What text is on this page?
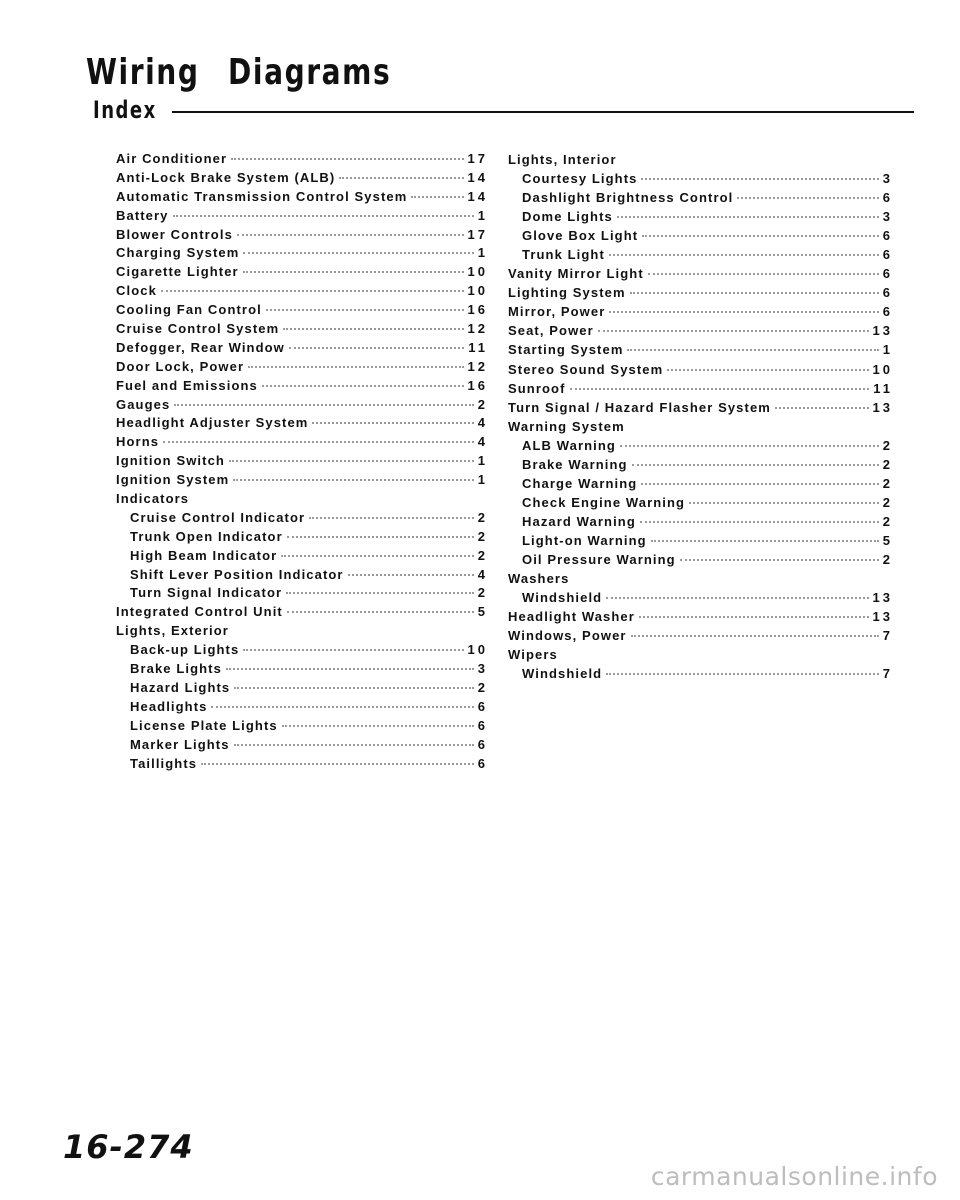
Wiring Diagrams
Index
Air Conditioner	17
Anti-Lock Brake System (ALB)	14
Automatic Transmission Control System	14
Battery	1
Blower Controls	17
Charging System	1
Cigarette Lighter	10
Clock	10
Cooling Fan Control	16
Cruise Control System	12
Defogger, Rear Window	11
Door Lock, Power	12
Fuel and Emissions	16
Gauges	2
Headlight Adjuster System	4
Horns	4
Ignition Switch	1
Ignition System	1
Indicators
Cruise Control Indicator	2
Trunk Open Indicator	2
High Beam Indicator	2
Shift Lever Position Indicator	4
Turn Signal Indicator	2
Integrated Control Unit	5
Lights, Exterior
Back-up Lights	10
Brake Lights	3
Hazard Lights	2
Headlights	6
License Plate Lights	6
Marker Lights	6
Taillights	6
Lights, Interior
Courtesy Lights	3
Dashlight Brightness Control	6
Dome Lights	3
Glove Box Light	6
Trunk Light	6
Vanity Mirror Light	6
Lighting System	6
Mirror, Power	6
Seat, Power	13
Starting System	1
Stereo Sound System	10
Sunroof	11
Turn Signal / Hazard Flasher System	13
Warning System
ALB Warning	2
Brake Warning	2
Charge Warning	2
Check Engine Warning	2
Hazard Warning	2
Light-on Warning	5
Oil Pressure Warning	2
Washers
Windshield	13
Headlight Washer	13
Windows, Power	7
Wipers
Windshield	7
16-274
carmanualsonline.info
